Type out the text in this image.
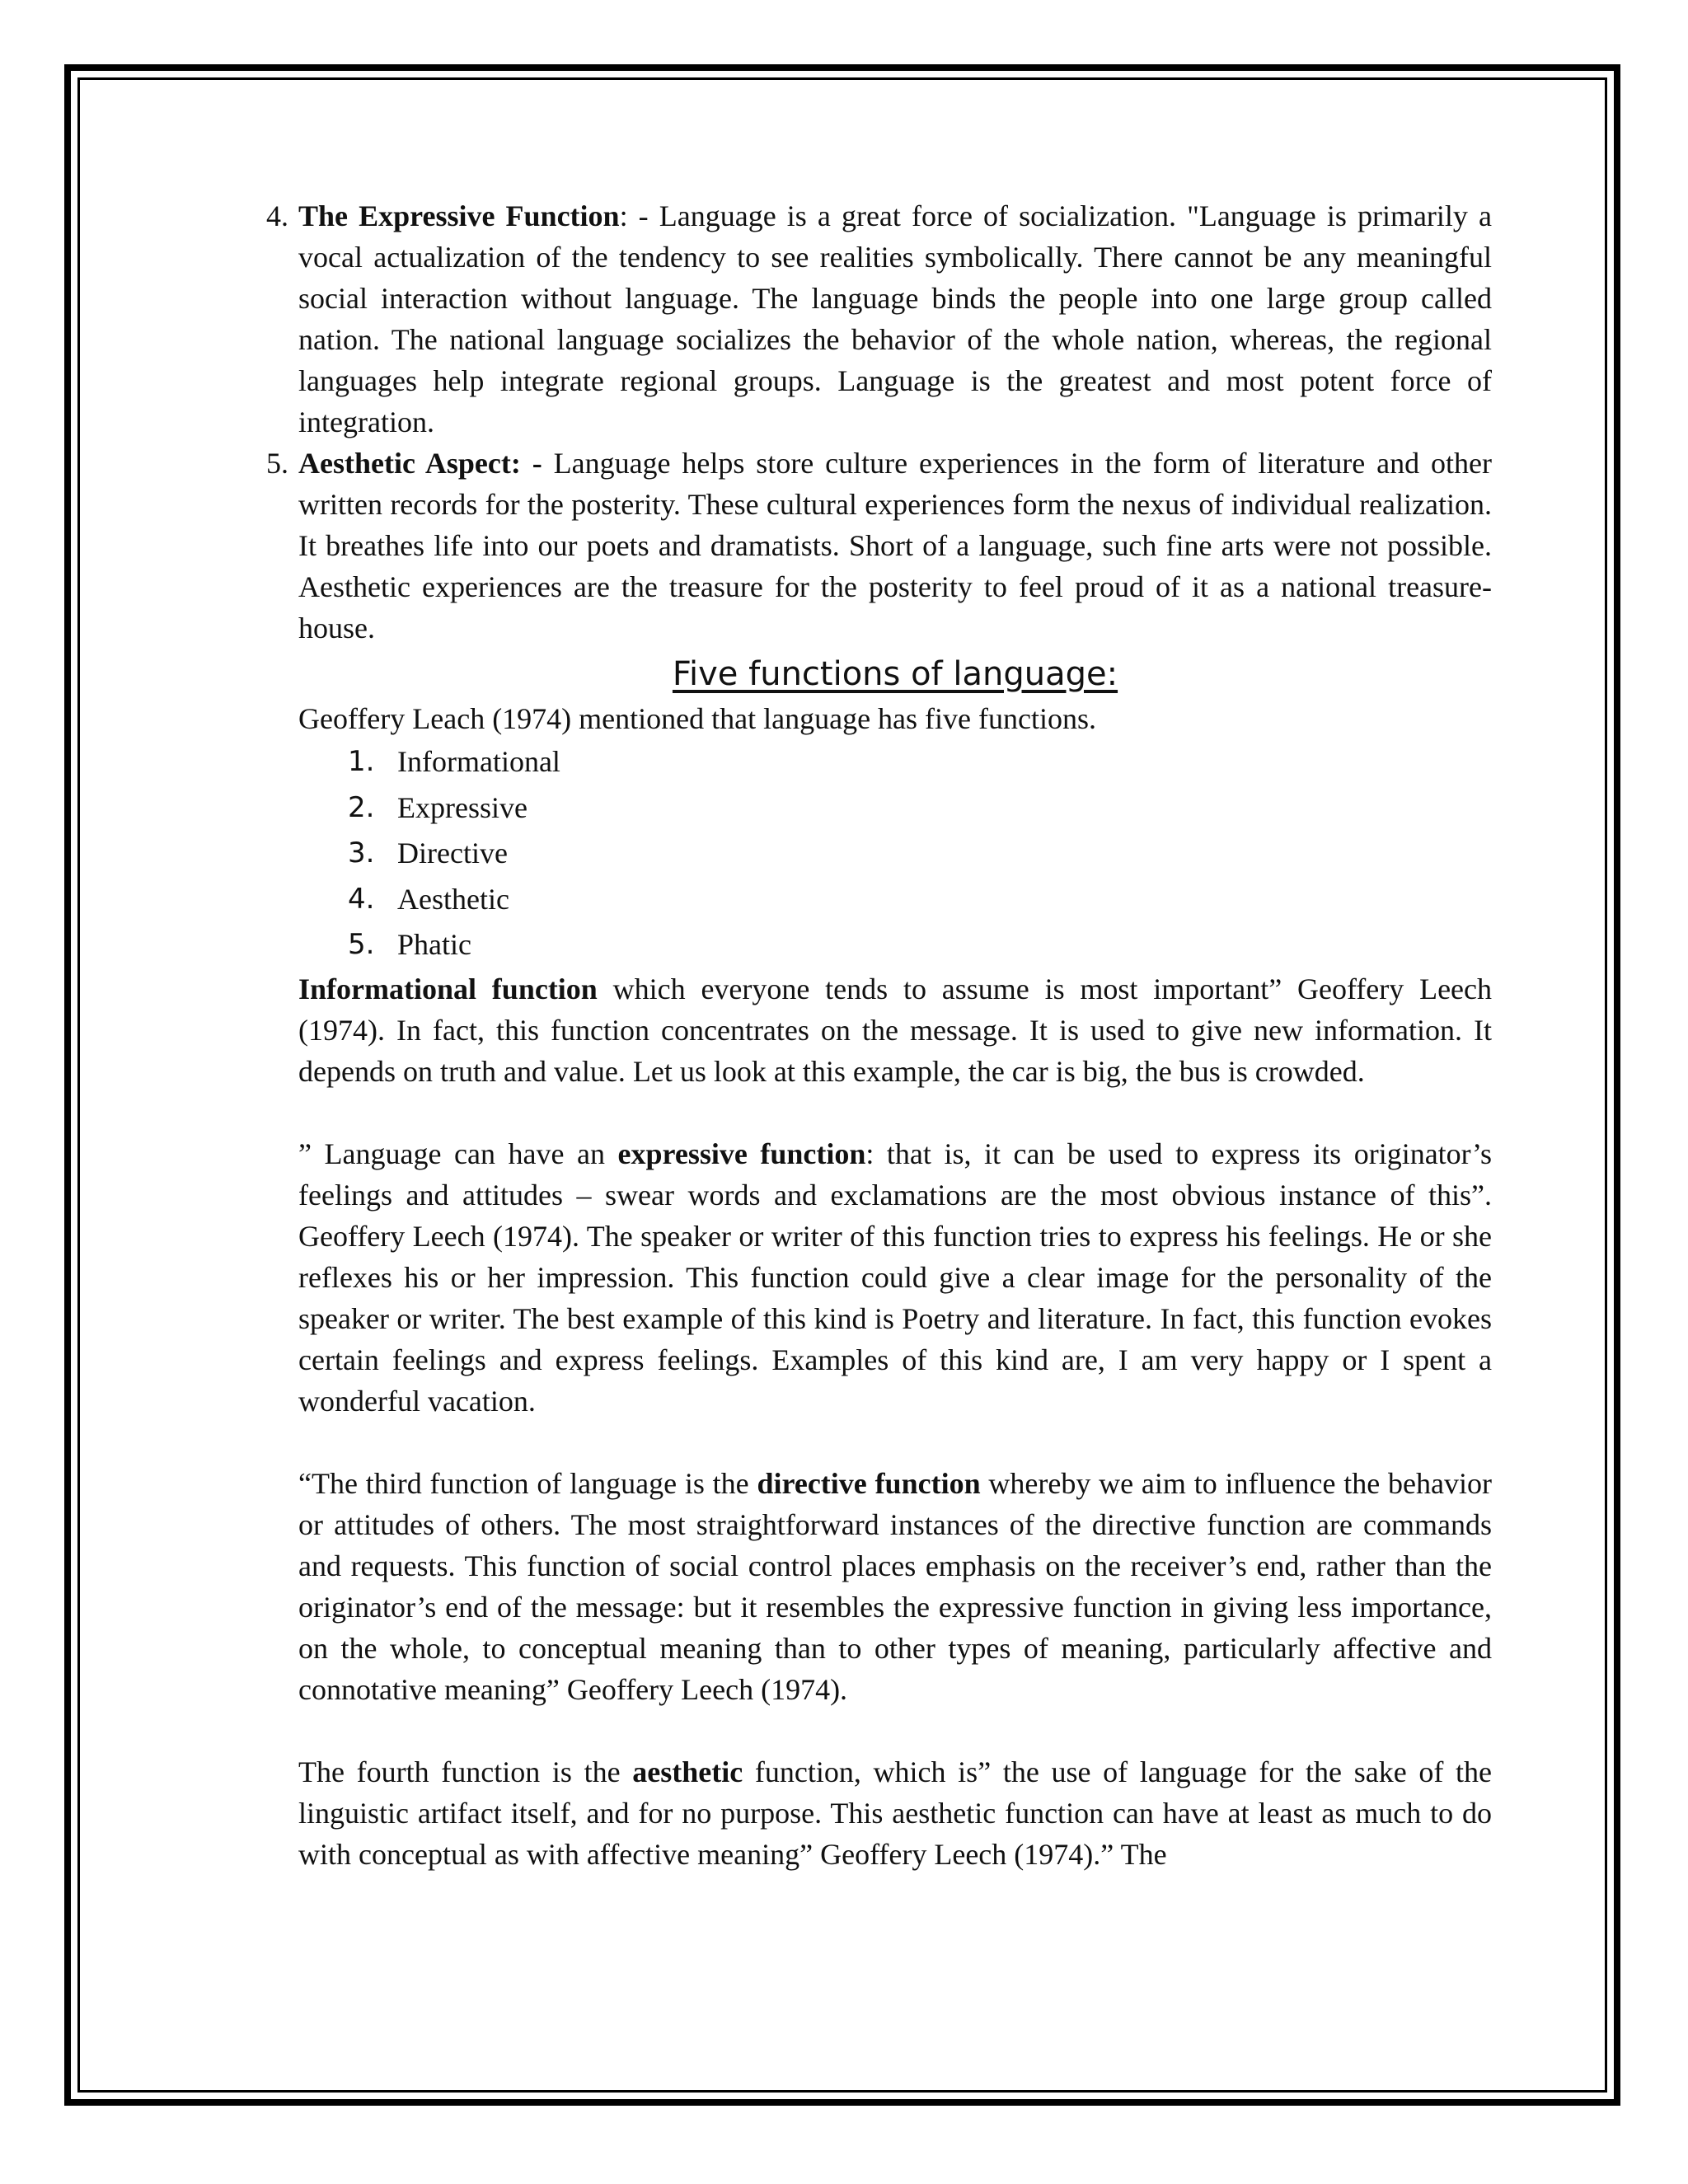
4. The Expressive Function: - Language is a great force of socialization. "Language is primarily a vocal actualization of the tendency to see realities symbolically. There cannot be any meaningful social interaction without language. The language binds the people into one large group called nation. The national language socializes the behavior of the whole nation, whereas, the regional languages help integrate regional groups. Language is the greatest and most potent force of integration.
5. Aesthetic Aspect: - Language helps store culture experiences in the form of literature and other written records for the posterity. These cultural experiences form the nexus of individual realization. It breathes life into our poets and dramatists. Short of a language, such fine arts were not possible. Aesthetic experiences are the treasure for the posterity to feel proud of it as a national treasure-house.
Five functions of language:
Geoffery Leach (1974) mentioned that language has five functions.
1. Informational
2. Expressive
3. Directive
4. Aesthetic
5. Phatic
Informational function which everyone tends to assume is most important” Geoffery Leech (1974). In fact, this function concentrates on the message. It is used to give new information. It depends on truth and value. Let us look at this example, the car is big, the bus is crowded.
” Language can have an expressive function: that is, it can be used to express its originator’s feelings and attitudes – swear words and exclamations are the most obvious instance of this”. Geoffery Leech (1974). The speaker or writer of this function tries to express his feelings. He or she reflexes his or her impression. This function could give a clear image for the personality of the speaker or writer. The best example of this kind is Poetry and literature. In fact, this function evokes certain feelings and express feelings. Examples of this kind are, I am very happy or I spent a wonderful vacation.
“The third function of language is the directive function whereby we aim to influence the behavior or attitudes of others. The most straightforward instances of the directive function are commands and requests. This function of social control places emphasis on the receiver’s end, rather than the originator’s end of the message: but it resembles the expressive function in giving less importance, on the whole, to conceptual meaning than to other types of meaning, particularly affective and connotative meaning” Geoffery Leech (1974).
The fourth function is the aesthetic function, which is” the use of language for the sake of the linguistic artifact itself, and for no purpose. This aesthetic function can have at least as much to do with conceptual as with affective meaning” Geoffery Leech (1974).” The
